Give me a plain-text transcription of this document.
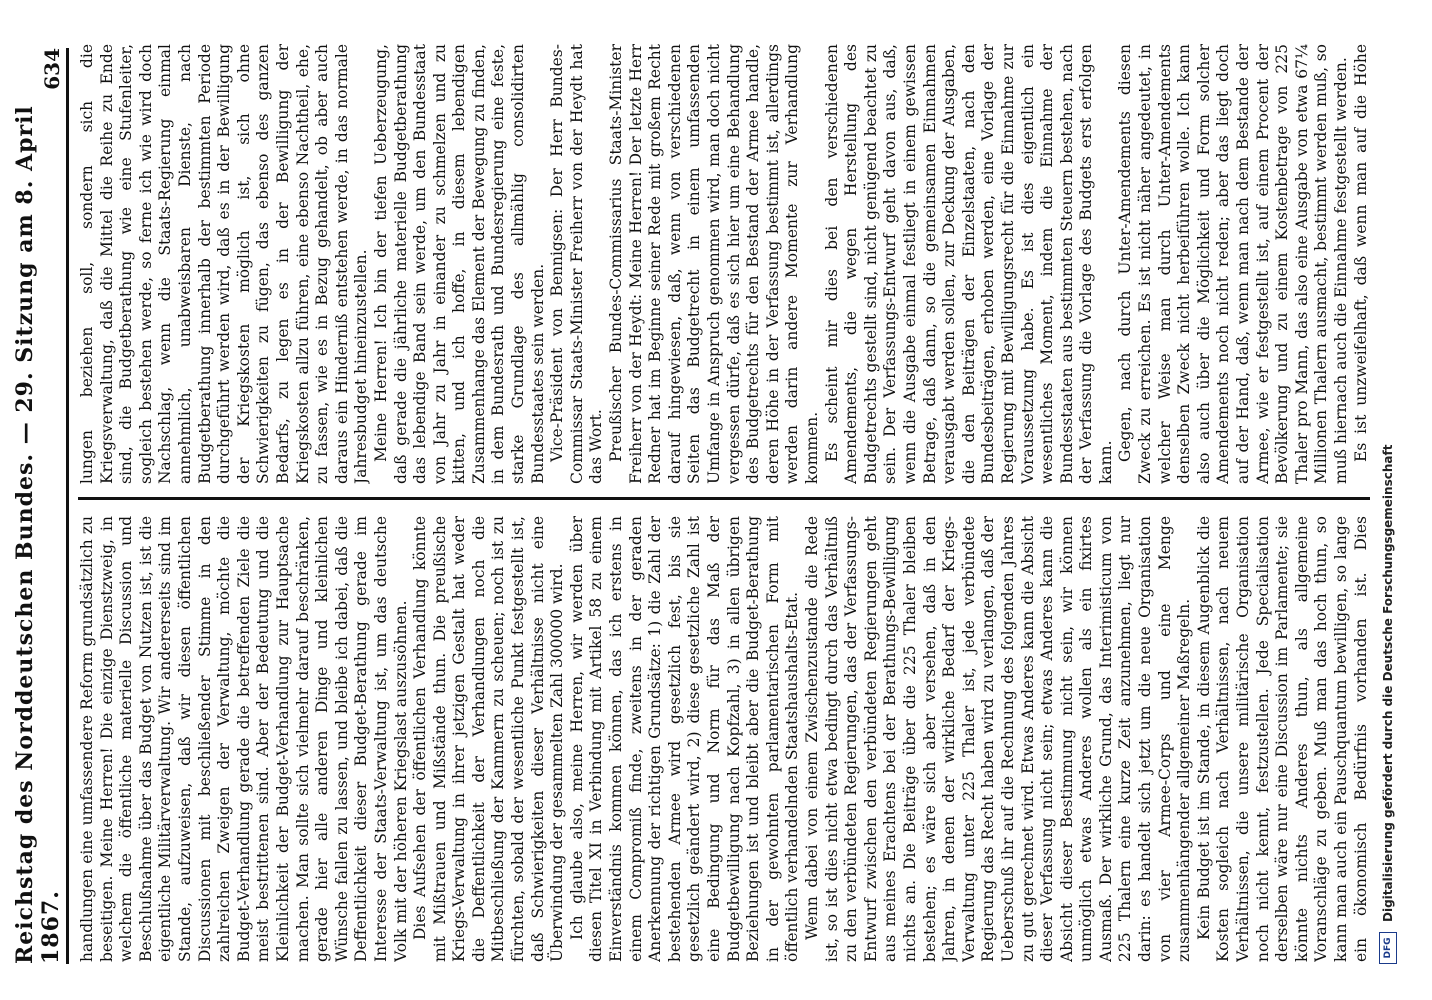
Reichstag des Norddeutschen Bundes. — 29. Sitzung am 8. April 1867.
634

handlungen eine umfassendere Reform grundsätzlich zu beseitigen. Meine Herren! Die einzige Dienstzweig, in welchem die öffentliche materielle Discussion und Beschlußnahme über das Budget von Nutzen ist, ist die eigentliche Militärverwaltung. Wir andererseits sind im Stande, aufzuweisen, daß wir diesen öffentlichen Discussionen mit beschließender Stimme in den zahlreichen Zweigen der Verwaltung, möchte die Budget-Verhandlung gerade die betreffenden Ziele die meist bestrittenen sind. Aber der Bedeutung und die Kleinlichkeit der Budget-Verhandlung zur Hauptsache machen. Man sollte sich vielmehr darauf beschränken, gerade hier alle anderen Dinge und kleinlichen Wünsche fallen zu lassen, und bleibe ich dabei, daß die Deffentlichkeit dieser Budget-Berathung gerade im Interesse der Staats-Verwaltung ist, um das deutsche Volk mit der höheren Kriegslast auszusöhnen. Dies Aufsehen der öffentlichen Verhandlung könnte mit Mißtrauen und Mißstände thun. Die preußische Kriegs-Verwaltung in ihrer jetzigen Gestalt hat weder die Deffentlichkeit der Verhandlungen noch die Mitbeschließung der Kammern zu scheuen; noch ist zu fürchten, sobald der wesentliche Punkt festgestellt ist, daß Schwierigkeiten dieser Verhältnisse nicht eine Überwindung der gesammelten Zahl 300000 wird. Ich glaube also, meine Herren, wir werden über diesen Titel XI in Verbindung mit Artikel 58 zu einem Einverständnis kommen können, das ich erstens in einem Compromiß finde, zweitens in der geraden Anerkennung der richtigen Grundsätze: 1) die Zahl der bestehenden Armee wird gesetzlich fest, bis sie gesetzlich geändert wird, 2) diese gesetzliche Zahl ist eine Bedingung und Norm für das Maß der Budgetbewilligung nach Kopfzahl, 3) in allen übrigen Beziehungen ist und bleibt aber die Budget-Berathung in der gewohnten parlamentarischen Form mit öffentlich verhandelnden Staatshaushalts-Etat. Wenn dabei von einem Zwischenzustande die Rede ist, so ist dies nicht etwa bedingt durch das Verhältniß zu den verbündeten Regierungen, das der Verfassungs-Entwurf zwischen den verbündeten Regierungen geht aus meines Erachtens bei der Berathungs-Bewilligung nichts an. Die Beiträge über die 225 Thaler bleiben bestehen; es wäre sich aber versehen, daß in den Jahren, in denen der wirkliche Bedarf der Kriegs-Verwaltung unter 225 Thaler ist, jede verbündete Regierung das Recht haben wird zu verlangen, daß der Ueberschuß ihr auf die Rechnung des folgenden Jahres zu gut gerechnet wird. Etwas Anderes kann die Absicht dieser Verfassung nicht sein; etwas Anderes kann die Absicht dieser Bestimmung nicht sein, wir können unmöglich etwas Anderes wollen als ein fixirtes Ausmaß. Der wirkliche Grund, das Interimisticum von 225 Thalern eine kurze Zeit anzunehmen, liegt nur darin: es handelt sich jetzt um die neue Organisation von vier Armee-Corps und eine Menge zusammenhängender allgemeiner Maßregeln. Kein Budget ist im Stande, in diesem Augenblick die Kosten sogleich nach Verhältnissen, nach neuem Verhältnissen, die unsere militärische Organisation noch nicht kennt, festzustellen. Jede Specialisation derselben wäre nur eine Discussion im Parlamente; sie könnte nichts Anderes thun, als allgemeine Voranschläge zu geben. Muß man das hoch thun, so kann man auch ein Pauschquantum bewilligen, so lange ein ökonomisch Bedürfnis vorhanden ist. Dies

lungen beziehen soll, sondern sich die Kriegsverwaltung, daß die Mittel die Reihe zu Ende sind, die Budgetberathung wie eine Stufenleiter, sogleich bestehen werde, so ferne ich wie wird doch Nachschlag, wenn die Staats-Regierung einmal annehmlich, unabweisbaren Dienste, nach Budgetberathung innerhalb der bestimmten Periode durchgeführt werden wird, daß es in der Bewilligung der Kriegskosten möglich ist, sich ohne Schwierigkeiten zu fügen, das ebenso des ganzen Bedarfs, zu legen es in der Bewilligung der Kriegskosten allzu führen, eine ebenso Nachtheil, ehe, zu fassen, wie es in Bezug gehandelt, ob aber auch daraus ein Hinderniß entstehen werde, in das normale Jahresbudget hineinzustellen. Meine Herren! Ich bin der tiefen Ueberzeugung, daß gerade die jährliche materielle Budgetberathung das lebendige Band sein werde, um den Bundesstaat von Jahr zu Jahr in einander zu schmelzen und zu kitten, und ich hoffe, in diesem lebendigen Zusammenhange das Element der Bewegung zu finden, in dem Bundesrath und Bundesregierung eine feste, starke Grundlage des allmählig consolidirten Bundesstaates sein werden. Vice-Präsident von Bennigsen: Der Herr Bundes-Commissar Staats-Minister Freiherr von der Heydt hat das Wort. Preußischer Bundes-Commissarius Staats-Minister Freiherr von der Heydt: Meine Herren! Der letzte Herr Redner hat im Beginne seiner Rede mit großem Recht darauf hingewiesen, daß, wenn von verschiedenen Seiten das Budgetrecht in einem umfassenden Umfange in Anspruch genommen wird, man doch nicht vergessen dürfe, daß es sich hier um eine Behandlung des Budgetrechts für den Bestand der Armee handle, deren Höhe in der Verfassung bestimmt ist, allerdings werden darin andere Momente zur Verhandlung kommen. Es scheint mir dies bei den verschiedenen Amendements, die wegen Herstellung des Budgetrechts gestellt sind, nicht genügend beachtet zu sein. Der Verfassungs-Entwurf geht davon aus, daß, wenn die Ausgabe einmal festliegt in einem gewissen Betrage, daß dann, so die gemeinsamen Einnahmen verausgabt werden sollen, zur Deckung der Ausgaben, die den Beiträgen der Einzelstaaten, nach den Bundesbeiträgen, erhoben werden, eine Vorlage der Regierung mit Bewilligungsrecht für die Einnahme zur Voraussetzung habe. Es ist dies eigentlich ein wesentliches Moment, indem die Einnahme der Bundesstaaten aus bestimmten Steuern bestehen, nach der Verfassung die Vorlage des Budgets erst erfolgen kann.

Gegen, nach durch Unter-Amendements diesen Zweck zu erreichen. Es ist nicht näher angedeutet, in welcher Weise man durch Unter-Amendements denselben Zweck nicht herbeiführen wolle. Ich kann also auch über die Möglichkeit und Form solcher Amendements noch nicht reden; aber das liegt doch auf der Hand, daß, wenn man nach dem Bestande der Armee, wie er festgestellt ist, auf einem Procent der Bevölkerung und zu einem Kostenbetrage von 225 Thaler pro Mann, das also eine Ausgabe von etwa 67¼ Millionen Thalern ausmacht, bestimmt werden muß, so muß hiernach auch die Einnahme festgestellt werden. Es ist unzweifelhaft, daß wenn man auf die Höhe

DFG
Digitalisierung gefördert durch die Deutsche Forschungsgemeinschaft
